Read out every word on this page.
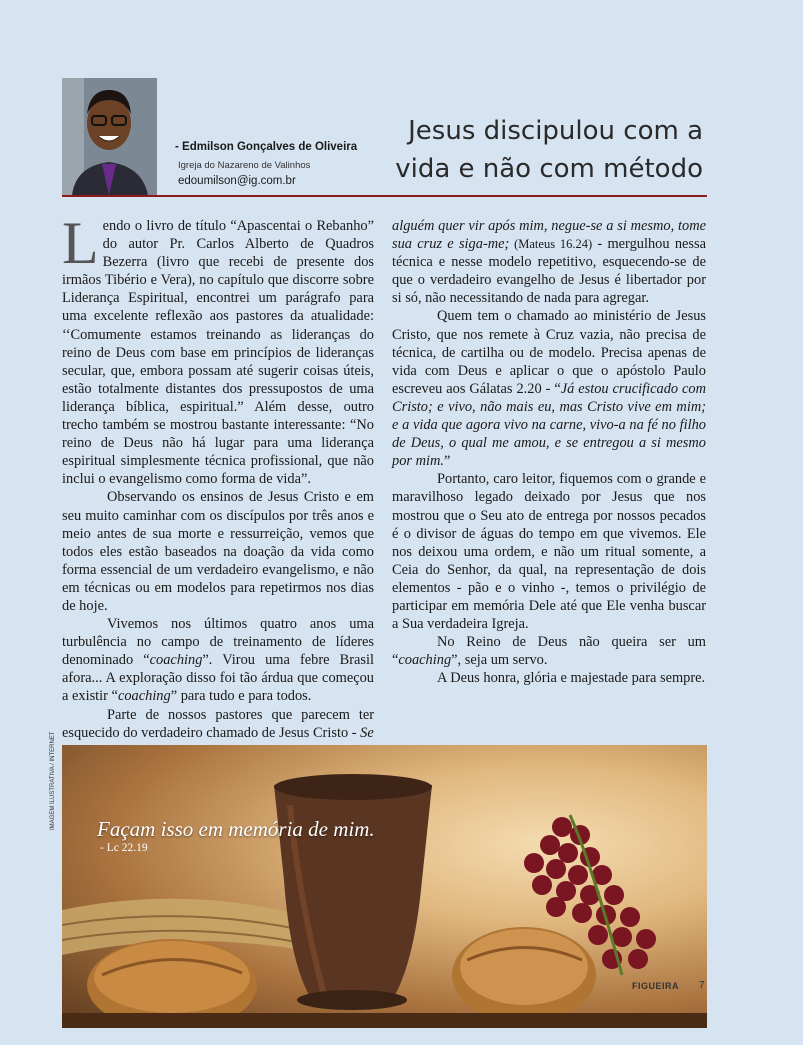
- Edmilson Gonçalves de Oliveira
Igreja do Nazareno de Valinhos
edoumilson@ig.com.br
Jesus discipulou com a
vida e não com método

Lendo o livro de título “Apascentai o Rebanho” do autor Pr. Carlos Alberto de Quadros Bezerra (livro que recebi de presente dos irmãos Tibério e Vera), no capítulo que discorre sobre Liderança Espiritual, encontrei um parágrafo para uma excelente reflexão aos pastores da atualidade: ‘‘Comumente estamos treinando as lideranças do reino de Deus com base em princípios de lideranças secular, que, embora possam até sugerir coisas úteis, estão totalmente distantes dos pressupostos de uma liderança bíblica, espiritual.” Além desse, outro trecho também se mostrou bastante interessante: “No reino de Deus não há lugar para uma liderança espiritual simplesmente técnica profissional, que não inclui o evangelismo como forma de vida”.

Observando os ensinos de Jesus Cristo e em seu muito caminhar com os discípulos por três anos e meio antes de sua morte e ressurreição, vemos que todos eles estão baseados na doação da vida como forma essencial de um verdadeiro evangelismo, e não em técnicas ou em modelos para repetirmos nos dias de hoje.

Vivemos nos últimos quatro anos uma turbulência no campo de treinamento de líderes denominado “coaching”. Virou uma febre Brasil afora... A exploração disso foi tão árdua que começou a existir “coaching” para tudo e para todos.

Parte de nossos pastores que parecem ter esquecido do verdadeiro chamado de Jesus Cristo - Se

alguém quer vir após mim, negue-se a si mesmo, tome sua cruz e siga-me; (Mateus 16.24) - mergulhou nessa técnica e nesse modelo repetitivo, esquecendo-se de que o verdadeiro evangelho de Jesus é libertador por si só, não necessitando de nada para agregar.

Quem tem o chamado ao ministério de Jesus Cristo, que nos remete à Cruz vazia, não precisa de técnica, de cartilha ou de modelo. Precisa apenas de vida com Deus e aplicar o que o apóstolo Paulo escreveu aos Gálatas 2.20 - “Já estou crucificado com Cristo; e vivo, não mais eu, mas Cristo vive em mim; e a vida que agora vivo na carne, vivo-a na fé no filho de Deus, o qual me amou, e se entregou a si mesmo por mim.”

Portanto, caro leitor, fiquemos com o grande e maravilhoso legado deixado por Jesus que nos mostrou que o Seu ato de entrega por nossos pecados é o divisor de águas do tempo em que vivemos. Ele nos deixou uma ordem, e não um ritual somente, a Ceia do Senhor, da qual, na representação de dois elementos - pão e o vinho -, temos o privilégio de participar em memória Dele até que Ele venha buscar a Sua verdadeira Igreja.

No Reino de Deus não queira ser um “coaching”, seja um servo.

A Deus honra, glória e majestade para sempre.

IMAGEM ILUSTRATIVA / INTERNET Façam isso em memória de mim.
- Lc 22.19
FIGUEIRA 7
